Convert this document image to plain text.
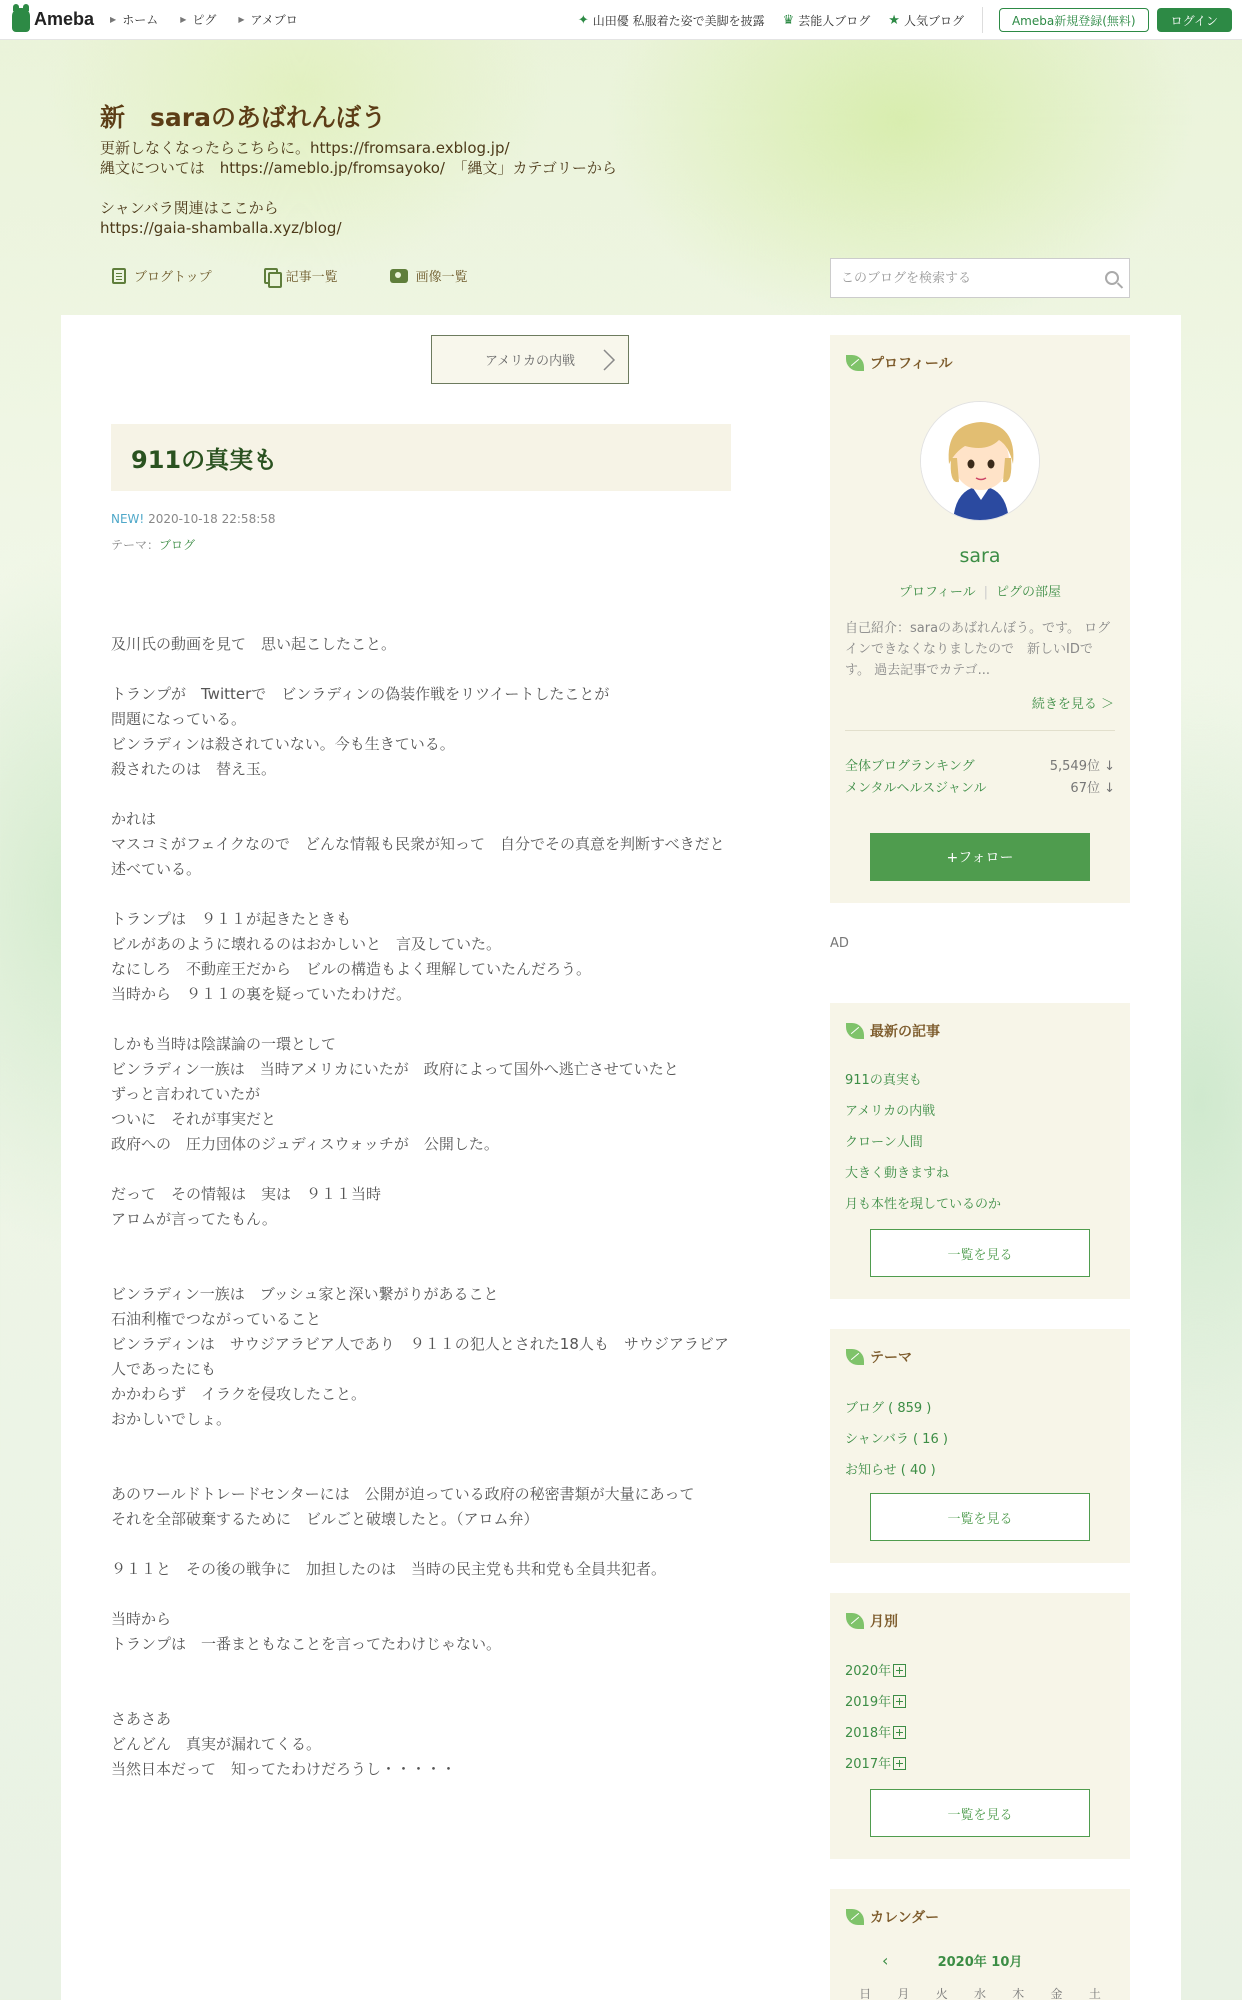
Ameba ▶ ホーム	▶ ピグ	▶ アメブロ	✦ 山田優 私服着た姿で美脚を披露 ♛ 芸能人ブログ ★ 人気ブログ	Ameba新規登録(無料)	ログイン
新　saraのあばれんぼう
更新しなくなったらこちらに。https://fromsara.exblog.jp/
縄文については　https://ameblo.jp/fromsayoko/　「縄文」カテゴリーから

シャンバラ関連はここから
https://gaia-shamballa.xyz/blog/
ブログトップ	記事一覧	画像一覧
このブログを検索する
アメリカの内戦
911の真実も
NEW! 2020-10-18 22:58:58
テーマ：ブログ

及川氏の動画を見て　思い起こしたこと。

トランプが　Twitterで　ビンラディンの偽装作戦をリツイートしたことが

問題になっている。

ビンラディンは殺されていない。今も生きている。

殺されたのは　替え玉。

かれは

マスコミがフェイクなので　どんな情報も民衆が知って　自分でその真意を判断すべきだと

述べている。

トランプは　９１１が起きたときも

ビルがあのように壊れるのはおかしいと　言及していた。

なにしろ　不動産王だから　ビルの構造もよく理解していたんだろう。

当時から　９１１の裏を疑っていたわけだ。

しかも当時は陰謀論の一環として

ビンラディン一族は　当時アメリカにいたが　政府によって国外へ逃亡させていたと

ずっと言われていたが

ついに　それが事実だと

政府への　圧力団体のジュディスウォッチが　公開した。

だって　その情報は　実は　９１１当時

アロムが言ってたもん。

ビンラディン一族は　ブッシュ家と深い繋がりがあること

石油利権でつながっていること

ビンラディンは　サウジアラビア人であり　９１１の犯人とされた18人も　サウジアラビア人であったにも

かかわらず　イラクを侵攻したこと。

おかしいでしょ。

あのワールドトレードセンターには　公開が迫っている政府の秘密書類が大量にあって

それを全部破棄するために　ビルごと破壊したと。（アロム弁）

９１１と　その後の戦争に　加担したのは　当時の民主党も共和党も全員共犯者。

当時から

トランプは　一番まともなことを言ってたわけじゃない。

さあさあ

どんどん　真実が漏れてくる。

当然日本だって　知ってたわけだろうし・・・・・

プロフィール
sara
プロフィール | ピグの部屋
自己紹介：saraのあばれんぼう。です。 ログインできなくなりましたので　新しいIDです。 過去記事でカテゴ...
続きを見る ＞
全体ブログランキング	5,549位 ↓
メンタルヘルスジャンル	67位 ↓
+フォロー
AD
最新の記事
911の真実も
アメリカの内戦
クローン人間
大きく動きますね
月も本性を現しているのか
一覧を見る
テーマ
ブログ ( 859 )
シャンバラ ( 16 )
お知らせ ( 40 )
一覧を見る
月別
2020年
2019年
2018年
2017年
一覧を見る
カレンダー
‹	2020年 10月
日 月 火 水 木 金 土
